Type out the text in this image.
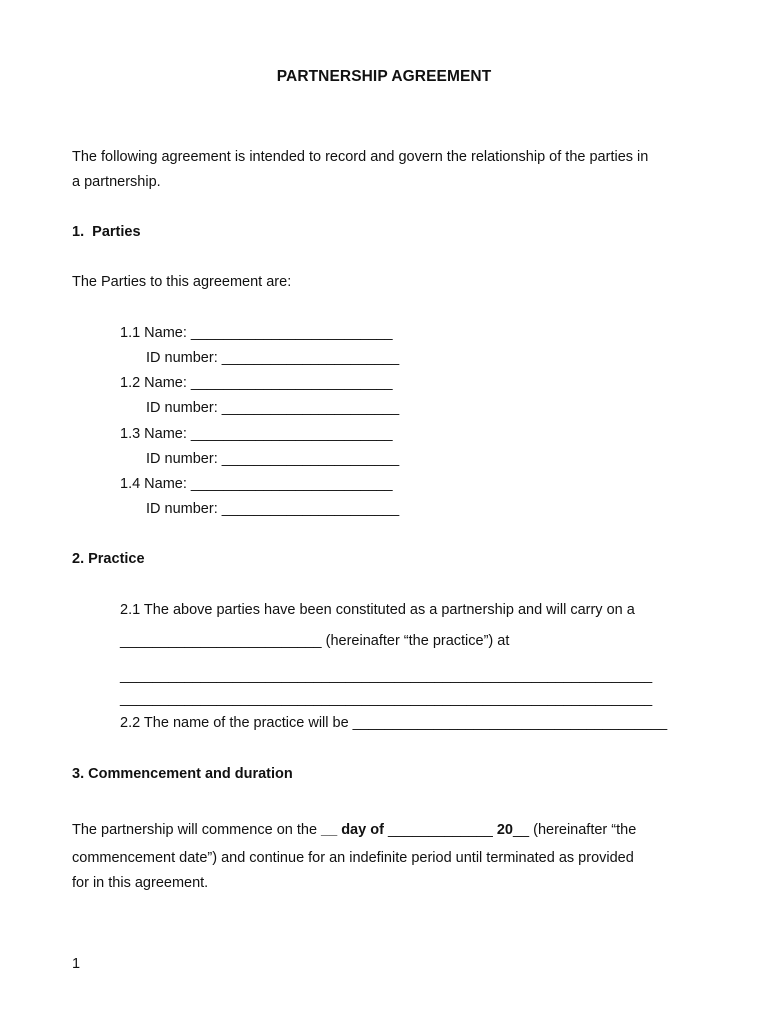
PARTNERSHIP AGREEMENT
The following agreement is intended to record and govern the relationship of the parties in
a partnership.
1.  Parties
The Parties to this agreement are:
1.1 Name: _________________________
ID number: ______________________
1.2 Name: _________________________
ID number: ______________________
1.3 Name: _________________________
ID number: ______________________
1.4 Name: _________________________
ID number: ______________________
2. Practice
2.1 The above parties have been constituted as a partnership and will carry on a
_________________________ (hereinafter “the practice”) at
__________________________________________________________________
__________________________________________________________________
2.2 The name of the practice will be _______________________________________
3. Commencement and duration
The partnership will commence on the __ day of _____________ 20__ (hereinafter “the
commencement date”) and continue for an indefinite period until terminated as provided
for in this agreement.
1
